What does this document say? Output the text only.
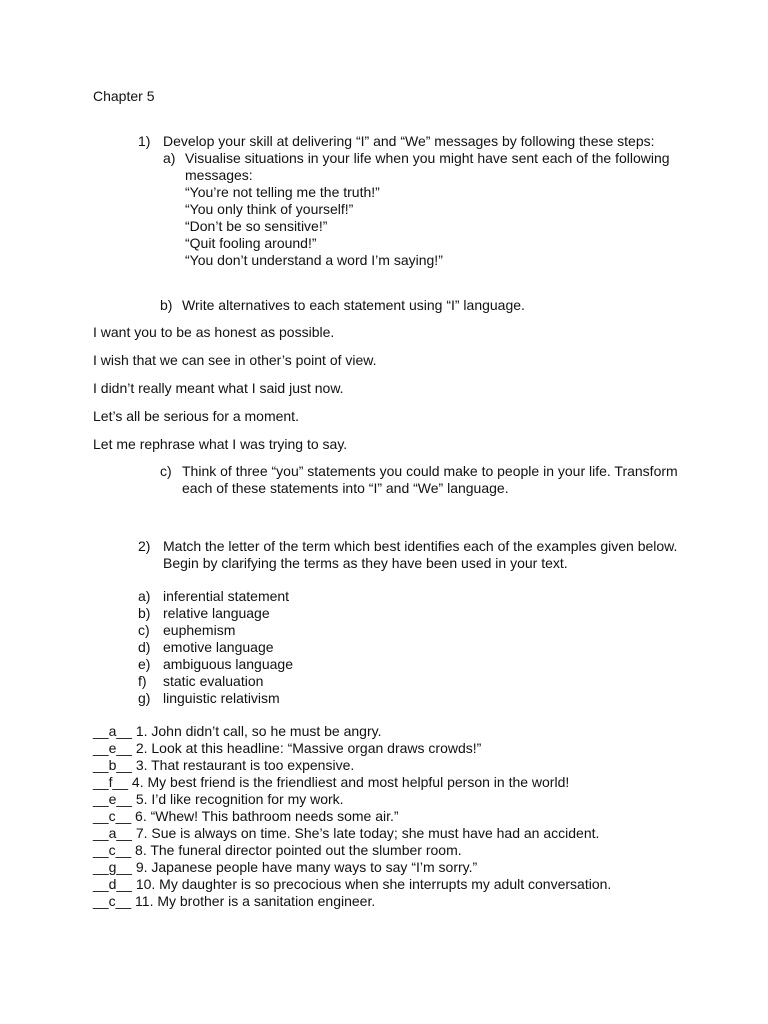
Chapter 5
1) Develop your skill at delivering “I” and “We” messages by following these steps:
a) Visualise situations in your life when you might have sent each of the following messages:
“You’re not telling me the truth!”
“You only think of yourself!”
“Don’t be so sensitive!”
“Quit fooling around!”
“You don’t understand a word I’m saying!”
b) Write alternatives to each statement using “I” language.

I want you to be as honest as possible.

I wish that we can see in other’s point of view.

I didn’t really meant what I said just now.

Let’s all be serious for a moment.

Let me rephrase what I was trying to say.

c) Think of three “you” statements you could make to people in your life. Transform each of these statements into “I” and “We” language.
2) Match the letter of the term which best identifies each of the examples given below. Begin by clarifying the terms as they have been used in your text.
a) inferential statement
b) relative language
c) euphemism
d) emotive language
e) ambiguous language
f)	static evaluation
g) linguistic relativism
__a__ 1. John didn’t call, so he must be angry.
__e__ 2. Look at this headline: “Massive organ draws crowds!”
__b__ 3. That restaurant is too expensive.
__f__ 4. My best friend is the friendliest and most helpful person in the world!
__e__ 5. I’d like recognition for my work.
__c__ 6. “Whew! This bathroom needs some air.”
__a__ 7. Sue is always on time. She’s late today; she must have had an accident.
__c__ 8. The funeral director pointed out the slumber room.
__g__ 9. Japanese people have many ways to say “I’m sorry.”
__d__ 10. My daughter is so precocious when she interrupts my adult conversation.
__c__ 11. My brother is a sanitation engineer.
